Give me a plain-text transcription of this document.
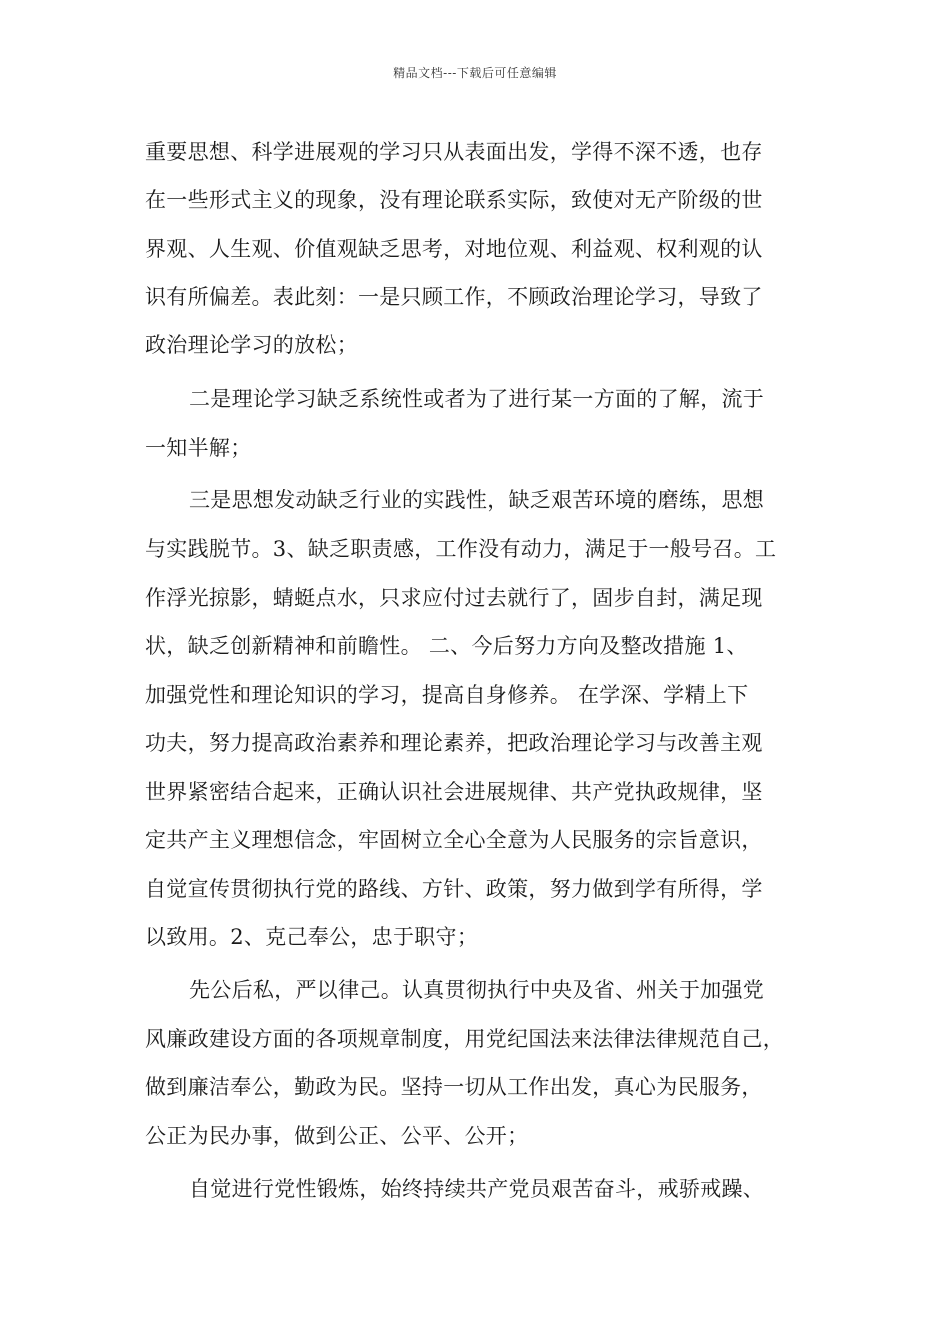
精品文档---下载后可任意编辑
重要思想、科学进展观的学习只从表面出发，学得不深不透，也存
在一些形式主义的现象，没有理论联系实际，致使对无产阶级的世
界观、人生观、价值观缺乏思考，对地位观、利益观、权利观的认
识有所偏差。表此刻：一是只顾工作，不顾政治理论学习，导致了
政治理论学习的放松；
二是理论学习缺乏系统性或者为了进行某一方面的了解，流于
一知半解；
三是思想发动缺乏行业的实践性，缺乏艰苦环境的磨练，思想
与实践脱节。3、缺乏职责感，工作没有动力，满足于一般号召。工
作浮光掠影，蜻蜓点水，只求应付过去就行了，固步自封，满足现
状，缺乏创新精神和前瞻性。 二、今后努力方向及整改措施 1、
加强党性和理论知识的学习，提高自身修养。 在学深、学精上下
功夫，努力提高政治素养和理论素养，把政治理论学习与改善主观
世界紧密结合起来，正确认识社会进展规律、共产党执政规律，坚
定共产主义理想信念，牢固树立全心全意为人民服务的宗旨意识，
自觉宣传贯彻执行党的路线、方针、政策，努力做到学有所得，学
以致用。2、克己奉公，忠于职守；
先公后私，严以律己。认真贯彻执行中央及省、州关于加强党
风廉政建设方面的各项规章制度，用党纪国法来法律法律规范自己，
做到廉洁奉公，勤政为民。坚持一切从工作出发，真心为民服务，
公正为民办事，做到公正、公平、公开；
自觉进行党性锻炼，始终持续共产党员艰苦奋斗，戒骄戒躁、
